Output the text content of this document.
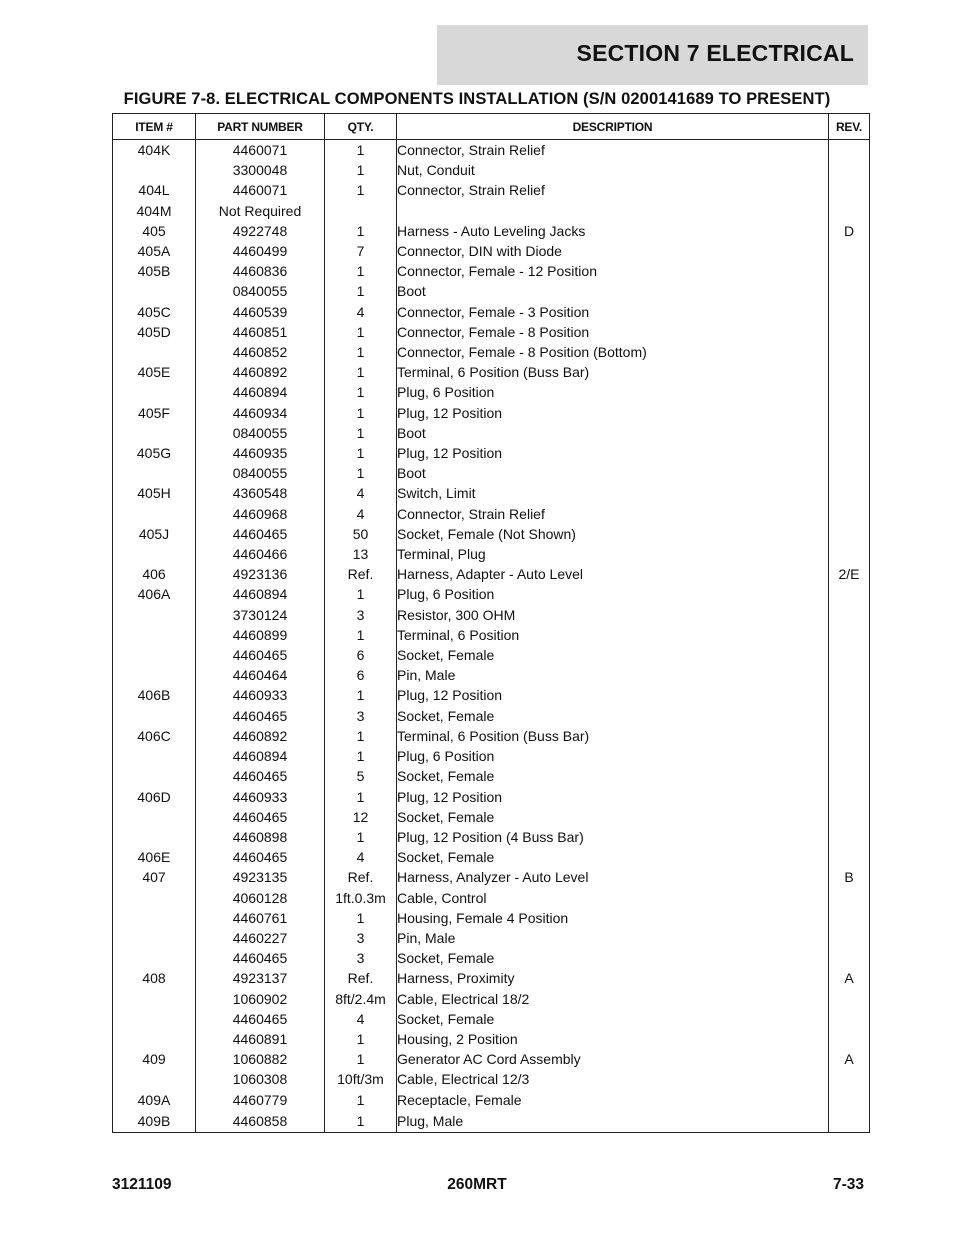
SECTION 7 ELECTRICAL
FIGURE 7-8. ELECTRICAL COMPONENTS INSTALLATION (S/N 0200141689 TO PRESENT)
ITEM #	PART NUMBER	QTY.	DESCRIPTION	REV.
404K	4460071	1	Connector, Strain Relief	
	3300048	1	Nut, Conduit	
404L	4460071	1	Connector, Strain Relief	
404M	Not Required			
405	4922748	1	Harness - Auto Leveling Jacks	D
405A	4460499	7	Connector, DIN with Diode	
405B	4460836	1	Connector, Female - 12 Position	
	0840055	1	Boot	
405C	4460539	4	Connector, Female - 3 Position	
405D	4460851	1	Connector, Female - 8 Position	
	4460852	1	Connector, Female - 8 Position (Bottom)	
405E	4460892	1	Terminal, 6 Position (Buss Bar)	
	4460894	1	Plug, 6 Position	
405F	4460934	1	Plug, 12 Position	
	0840055	1	Boot	
405G	4460935	1	Plug, 12 Position	
	0840055	1	Boot	
405H	4360548	4	Switch, Limit	
	4460968	4	Connector, Strain Relief	
405J	4460465	50	Socket, Female (Not Shown)	
	4460466	13	Terminal, Plug	
406	4923136	Ref.	Harness, Adapter - Auto Level	2/E
406A	4460894	1	Plug, 6 Position	
	3730124	3	Resistor, 300 OHM	
	4460899	1	Terminal, 6 Position	
	4460465	6	Socket, Female	
	4460464	6	Pin, Male	
406B	4460933	1	Plug, 12 Position	
	4460465	3	Socket, Female	
406C	4460892	1	Terminal, 6 Position (Buss Bar)	
	4460894	1	Plug, 6 Position	
	4460465	5	Socket, Female	
406D	4460933	1	Plug, 12 Position	
	4460465	12	Socket, Female	
	4460898	1	Plug, 12 Position (4 Buss Bar)	
406E	4460465	4	Socket, Female	
407	4923135	Ref.	Harness, Analyzer - Auto Level	B
	4060128	1ft.0.3m	Cable, Control	
	4460761	1	Housing, Female 4 Position	
	4460227	3	Pin, Male	
	4460465	3	Socket, Female	
408	4923137	Ref.	Harness, Proximity	A
	1060902	8ft/2.4m	Cable, Electrical 18/2	
	4460465	4	Socket, Female	
	4460891	1	Housing, 2 Position	
409	1060882	1	Generator AC Cord Assembly	A
	1060308	10ft/3m	Cable, Electrical 12/3	
409A	4460779	1	Receptacle, Female	
409B	4460858	1	Plug, Male	
3121109	260MRT	7-33
